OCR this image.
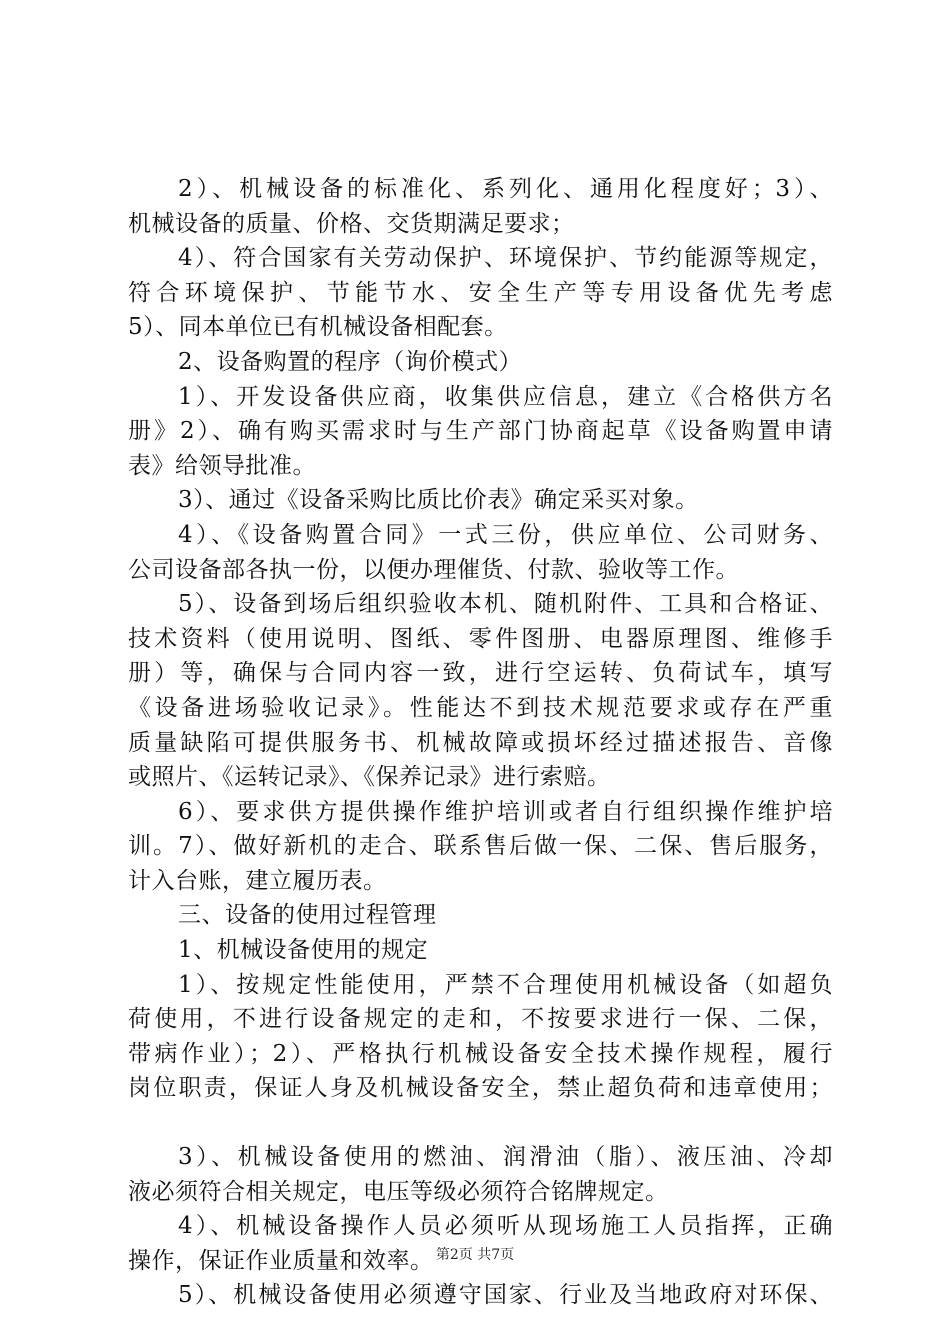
2）、机械设备的标准化、系列化、通用化程度好；3）、
机械设备的质量、价格、交货期满足要求；
4）、符合国家有关劳动保护、环境保护、节约能源等规定，
符合环境保护、节能节水、安全生产等专用设备优先考虑
5）、同本单位已有机械设备相配套。
2、设备购置的程序（询价模式）
1）、开发设备供应商，收集供应信息，建立《合格供方名
册》2）、确有购买需求时与生产部门协商起草《设备购置申请
表》给领导批准。
3）、通过《设备采购比质比价表》确定采买对象。
4）、《设备购置合同》一式三份，供应单位、公司财务、
公司设备部各执一份，以便办理催货、付款、验收等工作。
5）、设备到场后组织验收本机、随机附件、工具和合格证、
技术资料（使用说明、图纸、零件图册、电器原理图、维修手
册）等，确保与合同内容一致，进行空运转、负荷试车，填写
《设备进场验收记录》。性能达不到技术规范要求或存在严重
质量缺陷可提供服务书、机械故障或损坏经过描述报告、音像
或照片、《运转记录》、《保养记录》进行索赔。
6）、要求供方提供操作维护培训或者自行组织操作维护培
训。7）、做好新机的走合、联系售后做一保、二保、售后服务，
计入台账，建立履历表。
三、设备的使用过程管理
1、机械设备使用的规定
1）、按规定性能使用，严禁不合理使用机械设备（如超负
荷使用，不进行设备规定的走和，不按要求进行一保、二保，
带病作业）；2）、严格执行机械设备安全技术操作规程，履行
岗位职责，保证人身及机械设备安全，禁止超负荷和违章使用；
3）、机械设备使用的燃油、润滑油（脂）、液压油、冷却
液必须符合相关规定，电压等级必须符合铭牌规定。
4）、机械设备操作人员必须听从现场施工人员指挥，正确
操作，保证作业质量和效率。
5）、机械设备使用必须遵守国家、行业及当地政府对环保、
第2页 共7页
